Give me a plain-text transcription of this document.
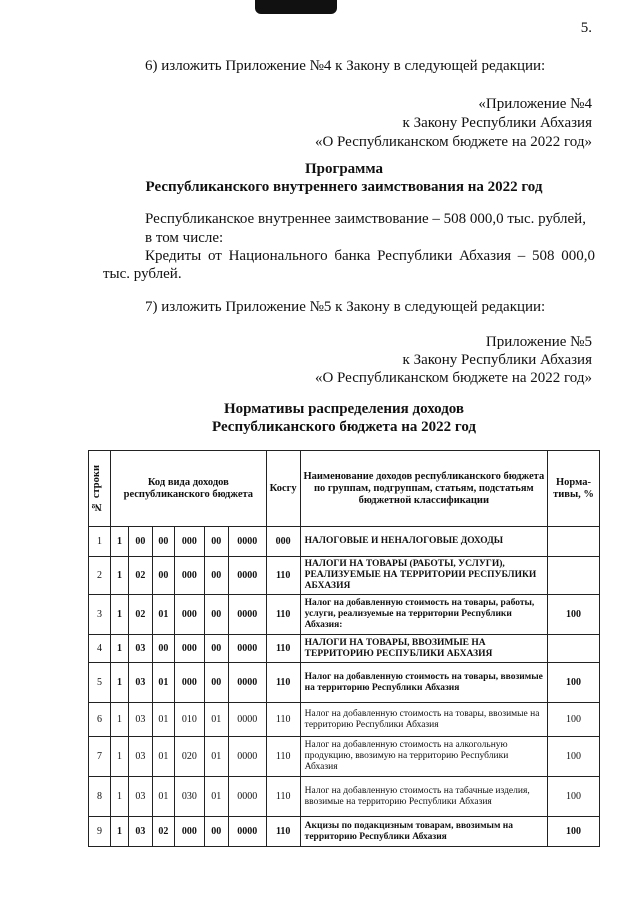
5.
6) изложить Приложение №4 к Закону в следующей редакции:
«Приложение №4
к Закону Республики Абхазия
«О Республиканском бюджете на 2022 год»
Программа
Республиканского внутреннего заимствования на 2022 год
Республиканское внутреннее заимствование – 508 000,0 тыс. рублей,
в том числе:
Кредиты от Национального банка Республики Абхазия – 508 000,0
тыс. рублей.
7) изложить Приложение №5 к Закону в следующей редакции:
Приложение №5
к Закону Республики Абхазия
«О Республиканском бюджете на 2022 год»
Нормативы распределения доходов
Республиканского бюджета на 2022 год
№ строки	Код вида доходов республиканского бюджета						Косгу	Наименование доходов республиканского бюджета по группам, подгруппам, статьям, подстатьям бюджетной классификации	Норма-тивы, %
1	1	00	00	000	00	0000	000	НАЛОГОВЫЕ И НЕНАЛОГОВЫЕ ДОХОДЫ	
2	1	02	00	000	00	0000	110	НАЛОГИ НА ТОВАРЫ (РАБОТЫ, УСЛУГИ), РЕАЛИЗУЕМЫЕ НА ТЕРРИТОРИИ РЕСПУБЛИКИ АБХАЗИЯ	
3	1	02	01	000	00	0000	110	Налог на добавленную стоимость на товары, работы, услуги, реализуемые на территории Республики Абхазия:	100
4	1	03	00	000	00	0000	110	НАЛОГИ НА ТОВАРЫ, ВВОЗИМЫЕ НА ТЕРРИТОРИЮ РЕСПУБЛИКИ АБХАЗИЯ	
5	1	03	01	000	00	0000	110	Налог на добавленную стоимость на товары, ввозимые на территорию Республики Абхазия	100
6	1	03	01	010	01	0000	110	Налог на добавленную стоимость на товары, ввозимые на территорию Республики Абхазия	100
7	1	03	01	020	01	0000	110	Налог на добавленную стоимость на алкогольную продукцию, ввозимую на территорию Республики Абхазия	100
8	1	03	01	030	01	0000	110	Налог на добавленную стоимость на табачные изделия, ввозимые на территорию Республики Абхазия	100
9	1	03	02	000	00	0000	110	Акцизы по подакцизным товарам, ввозимым на территорию Республики Абхазия	100
